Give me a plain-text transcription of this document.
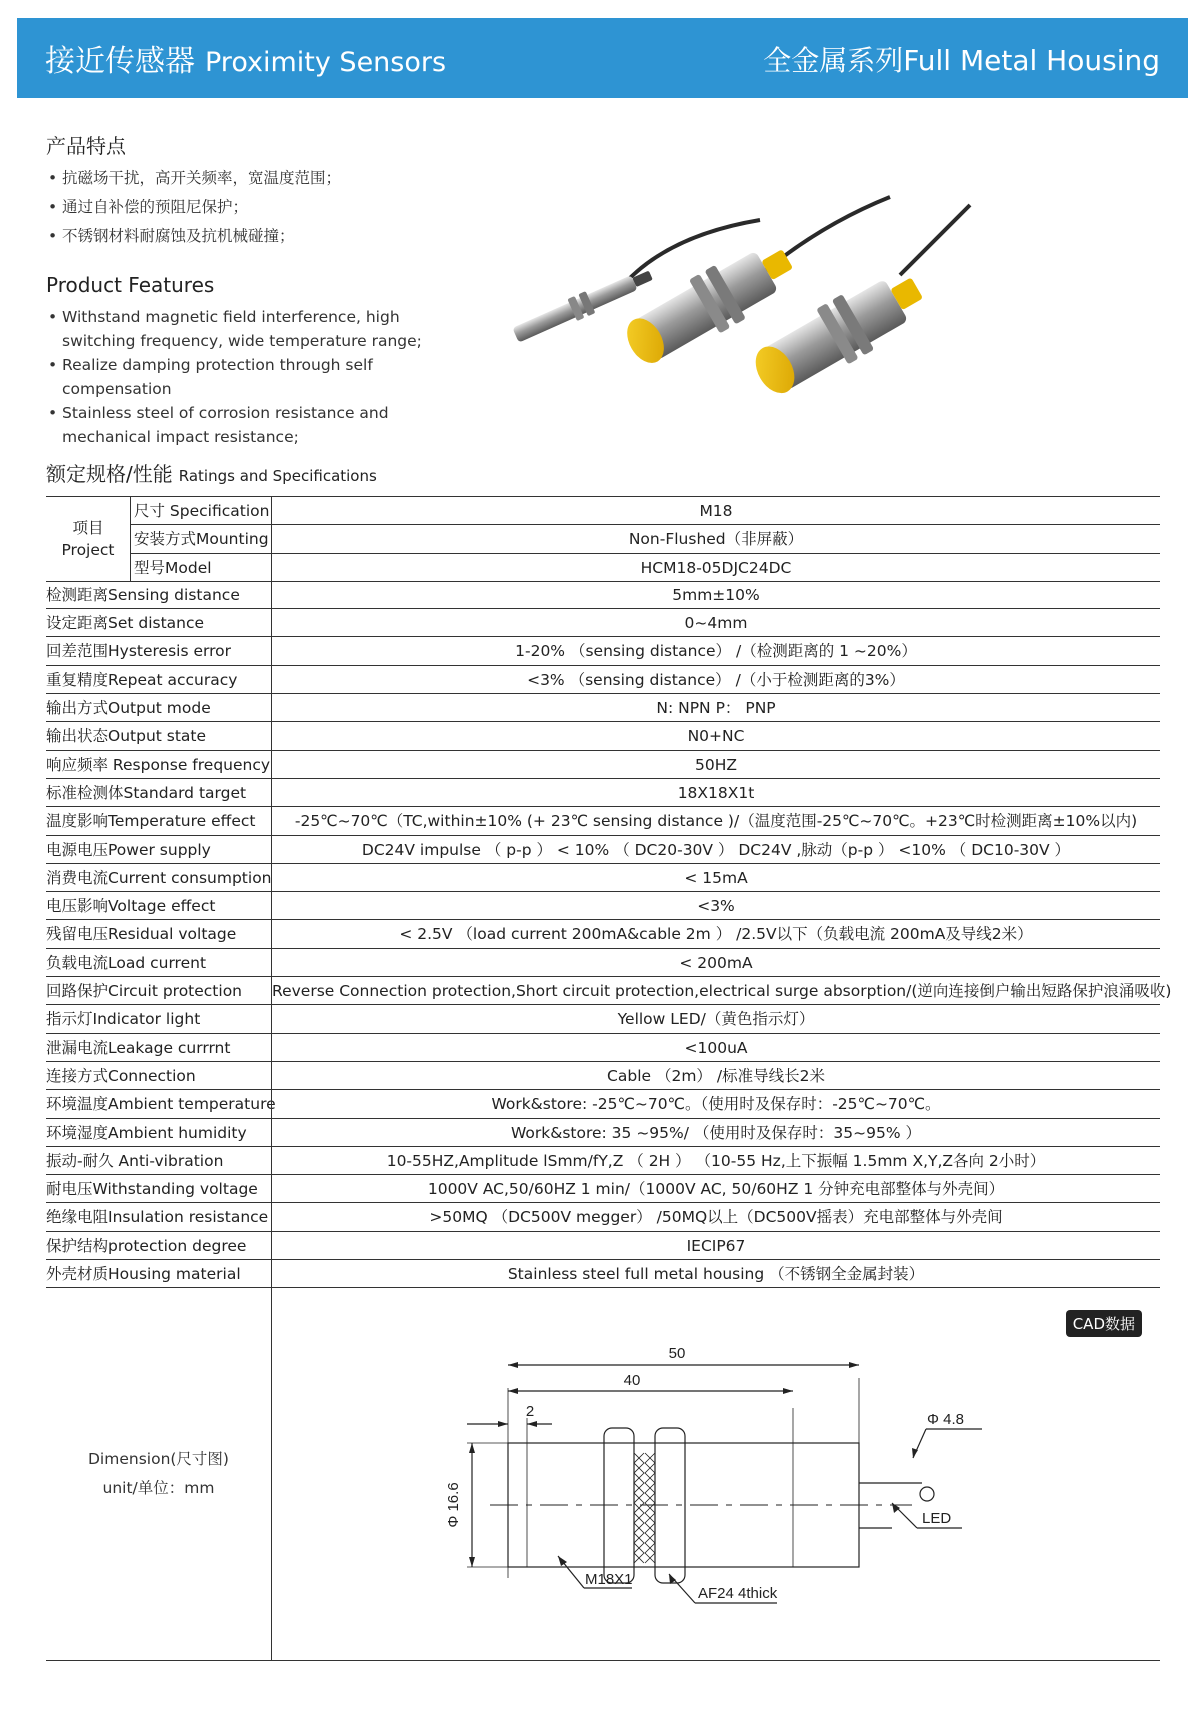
接近传感器 Proximity Sensors	全金属系列Full Metal Housing
产品特点
• 抗磁场干扰，高开关频率，宽温度范围；
• 通过自补偿的预阻尼保护；
• 不锈钢材料耐腐蚀及抗机械碰撞；
Product Features
• Withstand magnetic field interference, high switching frequency, wide temperature range;
• Realize damping protection through self compensation
• Stainless steel of corrosion resistance and mechanical impact resistance;
额定规格/性能 Ratings and Specifications
项目
Project
尺寸 Specification	M18
安装方式Mounting	Non-Flushed（非屏蔽）
型号Model	HCM18-05DJC24DC
检测距离Sensing distance	5mm±10%
设定距离Set distance	0~4mm
回差范围Hysteresis error	1-20% （sensing distance） /（检测距离的 1 ~20%）
重复精度Repeat accuracy	<3% （sensing distance） /（小于检测距离的3%）
输出方式Output mode	N: NPN P： PNP
输出状态Output state	N0+NC
响应频率 Response frequency	50HZ
标准检测体Standard target	18X18X1t
温度影响Temperature effect	-25℃~70℃（TC,within±10% (+ 23℃ sensing distance )/（温度范围-25℃~70℃。+23℃时检测距离±10%以内)
电源电压Power supply	DC24V impulse （ p-p ） < 10% （ DC20-30V ） DC24V ,脉动（p-p ） <10% （ DC10-30V ）
消费电流Current consumption	< 15mA
电压影响Voltage effect	<3%
残留电压Residual voltage	< 2.5V （load current 200mA&cable 2m ） /2.5V以下（负载电流 200mA及导线2米）
负载电流Load current	< 200mA
回路保护Circuit protection	Reverse Connection protection,Short circuit protection,electrical surge absorption/(逆向连接倒户输出短路保护浪涌吸收)
指示灯Indicator light	Yellow LED/（黄色指示灯）
泄漏电流Leakage currrnt	<100uA
连接方式Connection	Cable （2m） /标准导线长2米
环境温度Ambient temperature	Work&store: -25℃~70℃。（使用时及保存时：-25℃~70℃。
环境湿度Ambient humidity	Work&store: 35 ~95%/ （使用时及保存时：35~95% ）
振动-耐久 Anti-vibration	10-55HZ,Amplitude lSmm/fY,Z （ 2H ） （10-55 Hz,上下振幅 1.5mm X,Y,Z各向 2小时）
耐电压Withstanding voltage	1000V AC,50/60HZ 1 min/（1000V AC, 50/60HZ 1 分钟充电部整体与外壳间）
绝缘电阻Insulation resistance	>50MQ （DC500V megger） /50MQ以上（DC500V摇表）充电部整体与外壳间
保护结构protection degree	IECIP67
外壳材质Housing material	Stainless steel full metal housing （不锈钢全金属封装）
Dimension(尺寸图)
unit/单位：mm
CAD数据
50
40
2
Φ 16.6
Φ 4.8
LED
M18X1
AF24 4thick
